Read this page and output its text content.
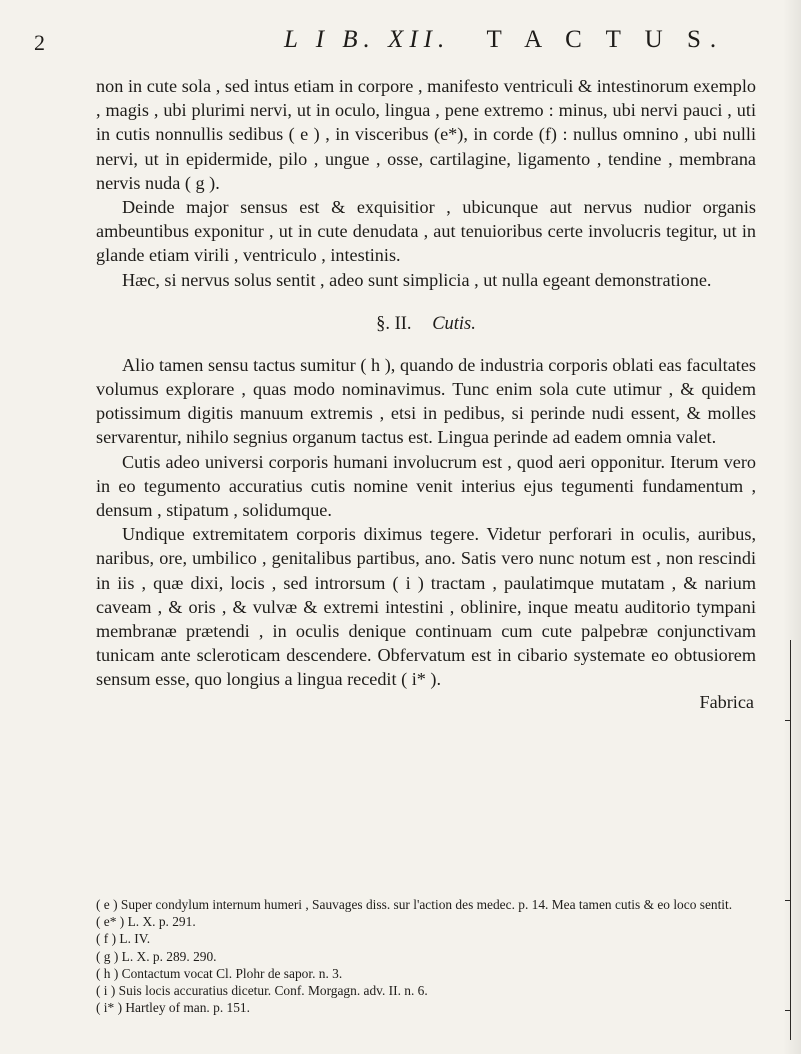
2	L I B. XII. T A C T U S.

non in cute sola , sed intus etiam in corpore , manifesto ventriculi & intestinorum exemplo , magis , ubi plurimi nervi, ut in oculo, lingua , pene extremo : minus, ubi nervi pauci , uti in cutis nonnullis sedibus ( e ) , in visceribus (e*), in corde (f) : nullus omnino , ubi nulli nervi, ut in epidermide, pilo , ungue , osse, cartilagine, ligamento , tendine , membrana nervis nuda ( g ).

Deinde major sensus est & exquisitior , ubicunque aut nervus nudior organis ambeuntibus exponitur , ut in cute denudata , aut tenuioribus certe involucris tegitur, ut in glande etiam virili , ventriculo , intestinis.

Hæc, si nervus solus sentit , adeo sunt simplicia , ut nulla egeant demonstratione.

§. II. Cutis.

Alio tamen sensu tactus sumitur ( h ), quando de industria corporis oblati eas facultates volumus explorare , quas modo nominavimus. Tunc enim sola cute utimur , & quidem potissimum digitis manuum extremis , etsi in pedibus, si perinde nudi essent, & molles servarentur, nihilo segnius organum tactus est. Lingua perinde ad eadem omnia valet.

Cutis adeo universi corporis humani involucrum est , quod aeri opponitur. Iterum vero in eo tegumento accuratius cutis nomine venit interius ejus tegumenti fundamentum , densum , stipatum , solidumque.

Undique extremitatem corporis diximus tegere. Videtur perforari in oculis, auribus, naribus, ore, umbilico , genitalibus partibus, ano. Satis vero nunc notum est , non rescindi in iis , quæ dixi, locis , sed introrsum ( i ) tractam , paulatimque mutatam , & narium caveam , & oris , & vulvæ & extremi intestini , oblinire, inque meatu auditorio tympani membranæ prætendi , in oculis denique continuam cum cute palpebræ conjunctivam tunicam ante scleroticam descendere. Obfervatum est in cibario systemate eo obtusiorem sensum esse, quo longius a lingua recedit ( i* ).

Fabrica

( e ) Super condylum internum humeri , Sauvages diss. sur l'action des medec. p. 14. Mea tamen cutis & eo loco sentit.

( e* ) L. X. p. 291.

( f ) L. IV.

( g ) L. X. p. 289. 290.

( h ) Contactum vocat Cl. Plohr de sapor. n. 3.

( i ) Suis locis accuratius dicetur. Conf. Morgagn. adv. II. n. 6.

( i* ) Hartley of man. p. 151.
